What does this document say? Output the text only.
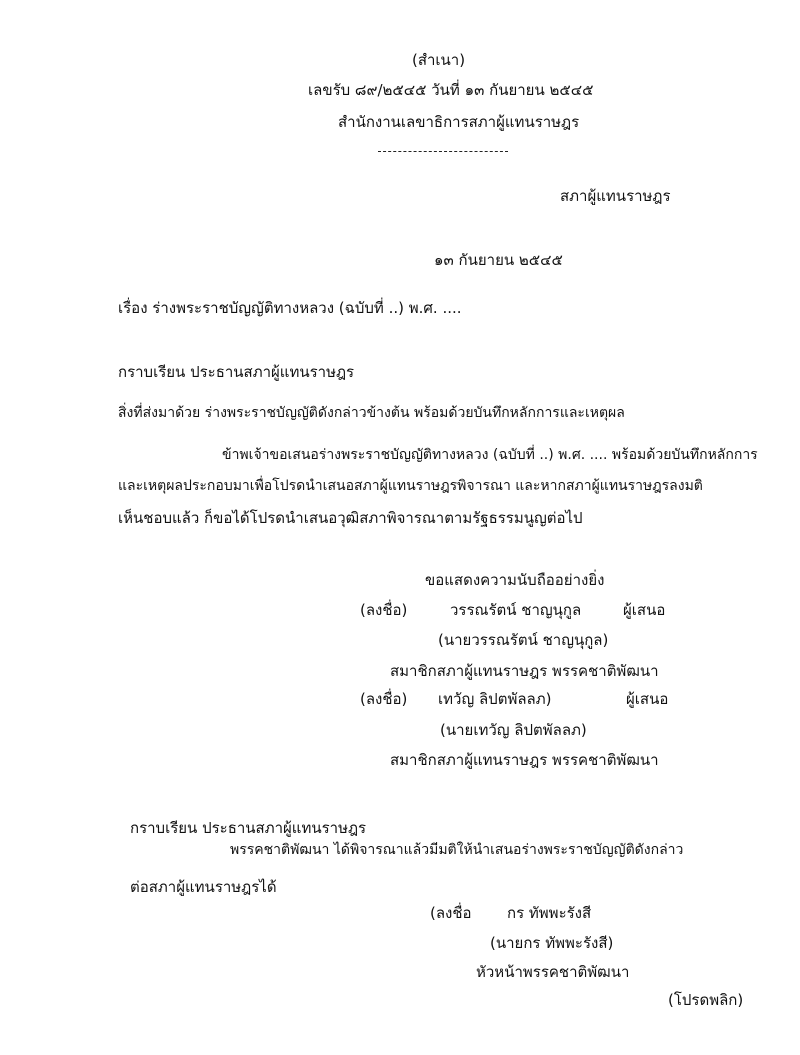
(สำเนา)
เลขรับ ๘๙/๒๕๔๕ วันที่ ๑๓ กันยายน ๒๕๔๕
สำนักงานเลขาธิการสภาผู้แทนราษฎร
สภาผู้แทนราษฎร
๑๓ กันยายน ๒๕๔๕
เรื่อง ร่างพระราชบัญญัติทางหลวง (ฉบับที่ ..) พ.ศ. ....
กราบเรียน ประธานสภาผู้แทนราษฎร
สิ่งที่ส่งมาด้วย ร่างพระราชบัญญัติดังกล่าวข้างต้น พร้อมด้วยบันทึกหลักการและเหตุผล
ข้าพเจ้าขอเสนอร่างพระราชบัญญัติทางหลวง (ฉบับที่ ..) พ.ศ. .... พร้อมด้วยบันทึกหลักการ
และเหตุผลประกอบมาเพื่อโปรดนำเสนอสภาผู้แทนราษฎรพิจารณา และหากสภาผู้แทนราษฎรลงมติ
เห็นชอบแล้ว ก็ขอได้โปรดนำเสนอวุฒิสภาพิจารณาตามรัฐธรรมนูญต่อไป
ขอแสดงความนับถืออย่างยิ่ง
(ลงชื่อ)	วรรณรัตน์ ชาญนุกูล	ผู้เสนอ
(นายวรรณรัตน์ ชาญนุกูล)
สมาชิกสภาผู้แทนราษฎร พรรคชาติพัฒนา
(ลงชื่อ) เทวัญ ลิปตพัลลภ)	ผู้เสนอ
(นายเทวัญ ลิปตพัลลภ)
สมาชิกสภาผู้แทนราษฎร พรรคชาติพัฒนา
กราบเรียน ประธานสภาผู้แทนราษฎร
พรรคชาติพัฒนา ได้พิจารณาแล้วมีมติให้นำเสนอร่างพระราชบัญญัติดังกล่าว
ต่อสภาผู้แทนราษฎรได้
(ลงชื่อ กร ทัพพะรังสี
(นายกร ทัพพะรังสี)
หัวหน้าพรรคชาติพัฒนา
(โปรดพลิก)
